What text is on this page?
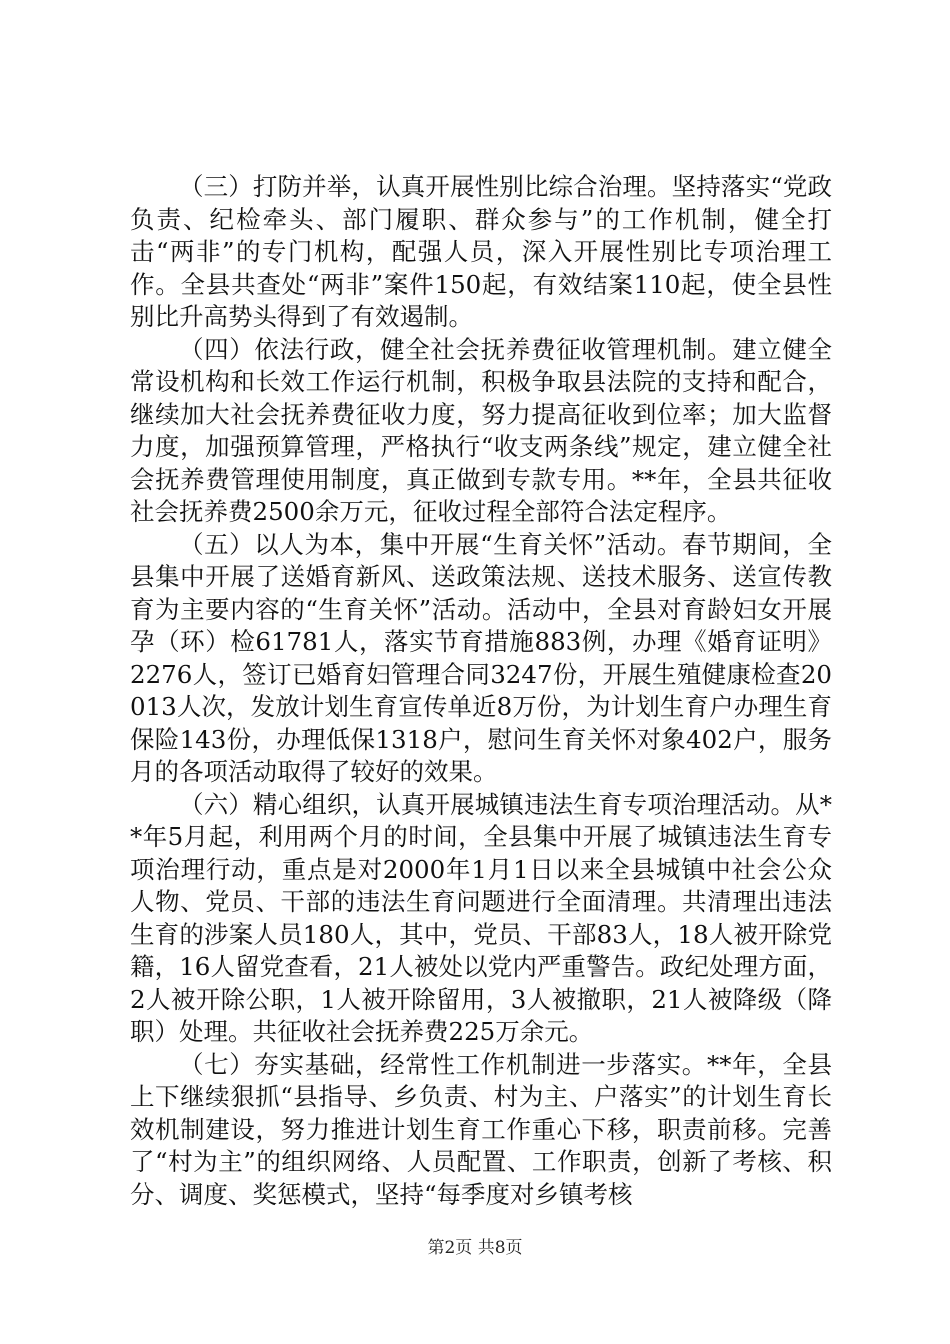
（三）打防并举，认真开展性别比综合治理。坚持落实“党政负责、纪检牵头、部门履职、群众参与”的工作机制，健全打击“两非”的专门机构，配强人员，深入开展性别比专项治理工作。全县共查处“两非”案件150起，有效结案110起，使全县性别比升高势头得到了有效遏制。

（四）依法行政，健全社会抚养费征收管理机制。建立健全常设机构和长效工作运行机制，积极争取县法院的支持和配合，继续加大社会抚养费征收力度，努力提高征收到位率；加大监督力度，加强预算管理，严格执行“收支两条线”规定，建立健全社会抚养费管理使用制度，真正做到专款专用。**年，全县共征收社会抚养费2500余万元，征收过程全部符合法定程序。

（五）以人为本，集中开展“生育关怀”活动。春节期间，全县集中开展了送婚育新风、送政策法规、送技术服务、送宣传教育为主要内容的“生育关怀”活动。活动中，全县对育龄妇女开展孕（环）检61781人，落实节育措施883例，办理《婚育证明》2276人，签订已婚育妇管理合同3247份，开展生殖健康检查20013人次，发放计划生育宣传单近8万份，为计划生育户办理生育保险143份，办理低保1318户，慰问生育关怀对象402户，服务月的各项活动取得了较好的效果。

（六）精心组织，认真开展城镇违法生育专项治理活动。从**年5月起，利用两个月的时间，全县集中开展了城镇违法生育专项治理行动，重点是对2000年1月1日以来全县城镇中社会公众人物、党员、干部的违法生育问题进行全面清理。共清理出违法生育的涉案人员180人，其中，党员、干部83人，18人被开除党籍，16人留党查看，21人被处以党内严重警告。政纪处理方面，2人被开除公职，1人被开除留用，3人被撤职，21人被降级（降职）处理。共征收社会抚养费225万余元。

（七）夯实基础，经常性工作机制进一步落实。**年，全县上下继续狠抓“县指导、乡负责、村为主、户落实”的计划生育长效机制建设，努力推进计划生育工作重心下移，职责前移。完善了“村为主”的组织网络、人员配置、工作职责，创新了考核、积分、调度、奖惩模式，坚持“每季度对乡镇考核

第2页 共8页
